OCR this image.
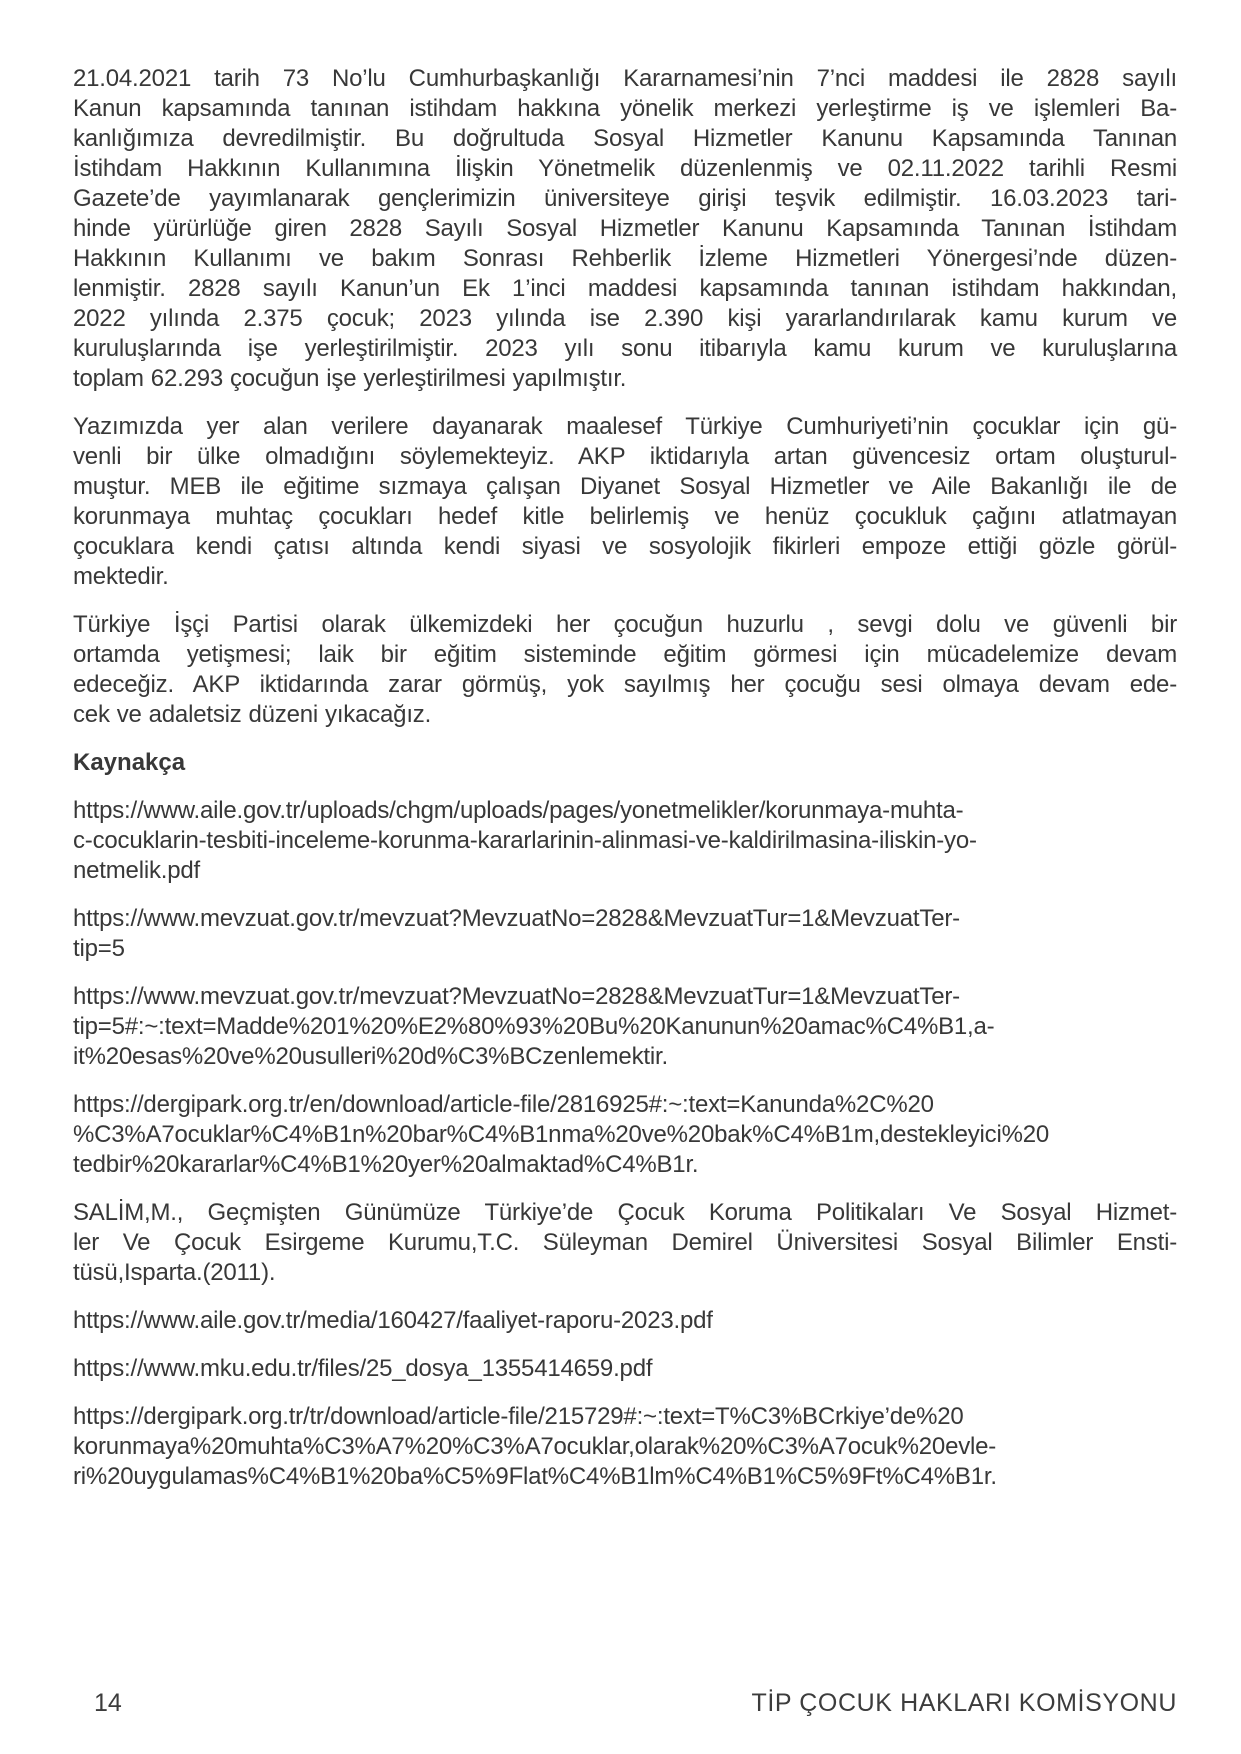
21.04.2021 tarih 73 No’lu Cumhurbaşkanlığı Kararnamesi’nin 7’nci maddesi ile 2828 sayılı
Kanun kapsamında tanınan istihdam hakkına yönelik merkezi yerleştirme iş ve işlemleri Ba-
kanlığımıza devredilmiştir. Bu doğrultuda Sosyal Hizmetler Kanunu Kapsamında Tanınan
İstihdam Hakkının Kullanımına İlişkin Yönetmelik düzenlenmiş ve 02.11.2022 tarihli Resmi
Gazete’de yayımlanarak gençlerimizin üniversiteye girişi teşvik edilmiştir. 16.03.2023 tari-
hinde yürürlüğe giren 2828 Sayılı Sosyal Hizmetler Kanunu Kapsamında Tanınan İstihdam
Hakkının Kullanımı ve bakım Sonrası Rehberlik İzleme Hizmetleri Yönergesi’nde düzen-
lenmiştir. 2828 sayılı Kanun’un Ek 1’inci maddesi kapsamında tanınan istihdam hakkından,
2022 yılında 2.375 çocuk; 2023 yılında ise 2.390 kişi yararlandırılarak kamu kurum ve
kuruluşlarında işe yerleştirilmiştir. 2023 yılı sonu itibarıyla kamu kurum ve kuruluşlarına
toplam 62.293 çocuğun işe yerleştirilmesi yapılmıştır.
Yazımızda yer alan verilere dayanarak maalesef Türkiye Cumhuriyeti’nin çocuklar için gü-
venli bir ülke olmadığını söylemekteyiz. AKP iktidarıyla artan güvencesiz ortam oluşturul-
muştur. MEB ile eğitime sızmaya çalışan Diyanet Sosyal Hizmetler ve Aile Bakanlığı ile de
korunmaya muhtaç çocukları hedef kitle belirlemiş ve henüz çocukluk çağını atlatmayan
çocuklara kendi çatısı altında kendi siyasi ve sosyolojik fikirleri empoze ettiği gözle görül-
mektedir.
Türkiye İşçi Partisi olarak ülkemizdeki her çocuğun huzurlu , sevgi dolu ve güvenli bir
ortamda yetişmesi; laik bir eğitim sisteminde eğitim görmesi için mücadelemize devam
edeceğiz. AKP iktidarında zarar görmüş, yok sayılmış her çocuğu sesi olmaya devam ede-
cek ve adaletsiz düzeni yıkacağız.
Kaynakça
https://www.aile.gov.tr/uploads/chgm/uploads/pages/yonetmelikler/korunmaya-muhta-
c-cocuklarin-tesbiti-inceleme-korunma-kararlarinin-alinmasi-ve-kaldirilmasina-iliskin-yo-
netmelik.pdf
https://www.mevzuat.gov.tr/mevzuat?MevzuatNo=2828&MevzuatTur=1&MevzuatTer-
tip=5
https://www.mevzuat.gov.tr/mevzuat?MevzuatNo=2828&MevzuatTur=1&MevzuatTer-
tip=5#:~:text=Madde%201%20%E2%80%93%20Bu%20Kanunun%20amac%C4%B1,a-
it%20esas%20ve%20usulleri%20d%C3%BCzenlemektir.
https://dergipark.org.tr/en/download/article-file/2816925#:~:text=Kanunda%2C%20
%C3%A7ocuklar%C4%B1n%20bar%C4%B1nma%20ve%20bak%C4%B1m,destekleyici%20
tedbir%20kararlar%C4%B1%20yer%20almaktad%C4%B1r.
SALİM,M., Geçmişten Günümüze Türkiye’de Çocuk Koruma Politikaları Ve Sosyal Hizmet-
ler Ve Çocuk Esirgeme Kurumu,T.C. Süleyman Demirel Üniversitesi Sosyal Bilimler Ensti-
tüsü,Isparta.(2011).
https://www.aile.gov.tr/media/160427/faaliyet-raporu-2023.pdf
https://www.mku.edu.tr/files/25_dosya_1355414659.pdf
https://dergipark.org.tr/tr/download/article-file/215729#:~:text=T%C3%BCrkiye’de%20
korunmaya%20muhta%C3%A7%20%C3%A7ocuklar,olarak%20%C3%A7ocuk%20evle-
ri%20uygulamas%C4%B1%20ba%C5%9Flat%C4%B1lm%C4%B1%C5%9Ft%C4%B1r.
14	TİP ÇOCUK HAKLARI KOMİSYONU
